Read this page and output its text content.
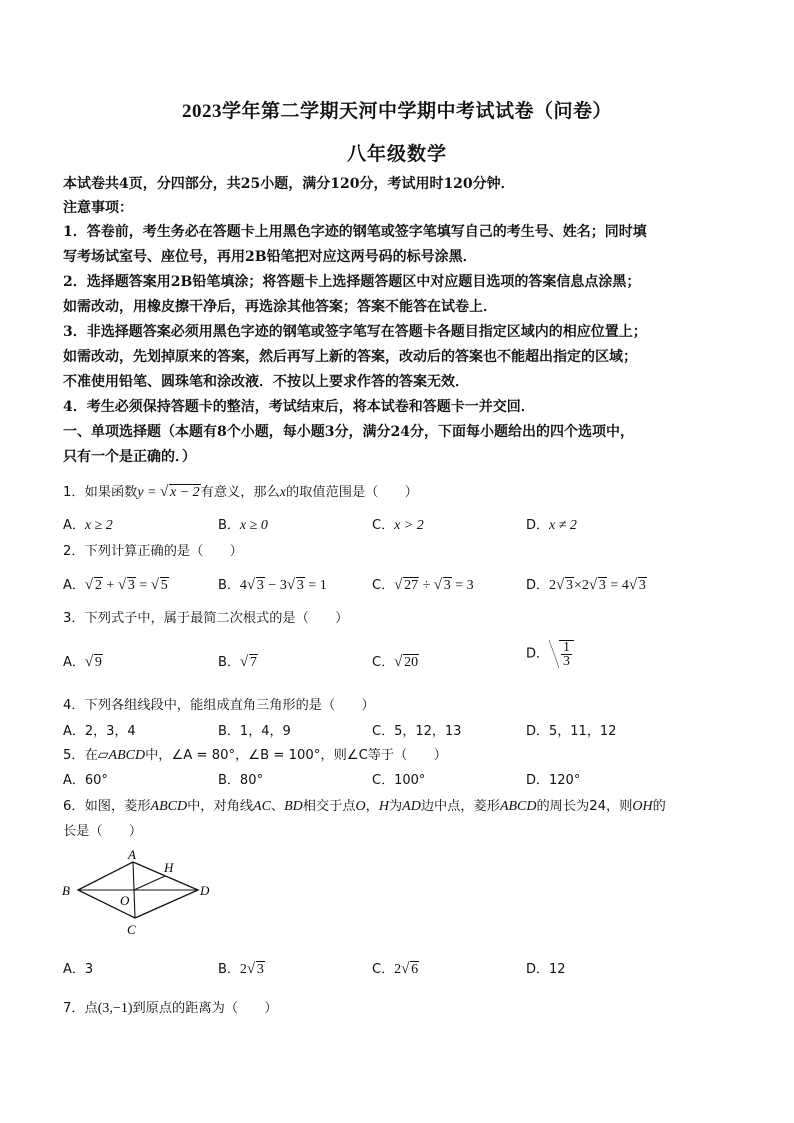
2023学年第二学期天河中学期中考试试卷（问卷）
八年级数学
本试卷共4页，分四部分，共25小题，满分120分，考试用时120分钟．
注意事项：
1．答卷前，考生务必在答题卡上用黑色字迹的钢笔或签字笔填写自己的考生号、姓名；同时填
写考场试室号、座位号，再用2B铅笔把对应这两号码的标号涂黑．
2．选择题答案用2B铅笔填涂；将答题卡上选择题答题区中对应题目选项的答案信息点涂黑；
如需改动，用橡皮擦干净后，再选涂其他答案；答案不能答在试卷上．
3．非选择题答案必须用黑色字迹的钢笔或签字笔写在答题卡各题目指定区域内的相应位置上；
如需改动，先划掉原来的答案，然后再写上新的答案，改动后的答案也不能超出指定的区域；
不准使用铅笔、圆珠笔和涂改液．不按以上要求作答的答案无效．
4．考生必须保持答题卡的整洁，考试结束后，将本试卷和答题卡一并交回．
一、单项选择题（本题有8个小题，每小题3分，满分24分，下面每小题给出的四个选项中，
只有一个是正确的．）
1．如果函数y = √ x − 2有意义，那么x的取值范围是（　　）
A．x ≥ 2	B．x ≥ 0	C．x > 2	D．x ≠ 2
2．下列计算正确的是（　　）
A． √ 2 + √ 3 = √ 5	B．4 √ 3 − 3 √ 3 = 1	C． √ 27 ÷ √ 3 = 3	D．2 √ 3×2 √ 3 = 4 √ 3
3．下列式子中，属于最简二次根式的是（　　）
A． √ 9	B． √ 7	C． √ 20
D． $\frac{1}{3}$
4．下列各组线段中，能组成直角三角形的是（　　）
A．2，3，4	B．1，4，9	C．5，12，13	D．5，11，12
5．在▱ABCD中，∠A = 80°，∠B = 100°，则∠C等于（　　）
A．60°	B．80°	C．100°	D．120°
6．如图，菱形ABCD中，对角线AC、BD相交于点O，H为AD边中点，菱形ABCD的周长为24，则OH的
长是（　　）
A
B
C
D
O
H
A．3	B．2 √ 3	C．2 √ 6	D．12
7．点(3,−1)到原点的距离为（　　）
